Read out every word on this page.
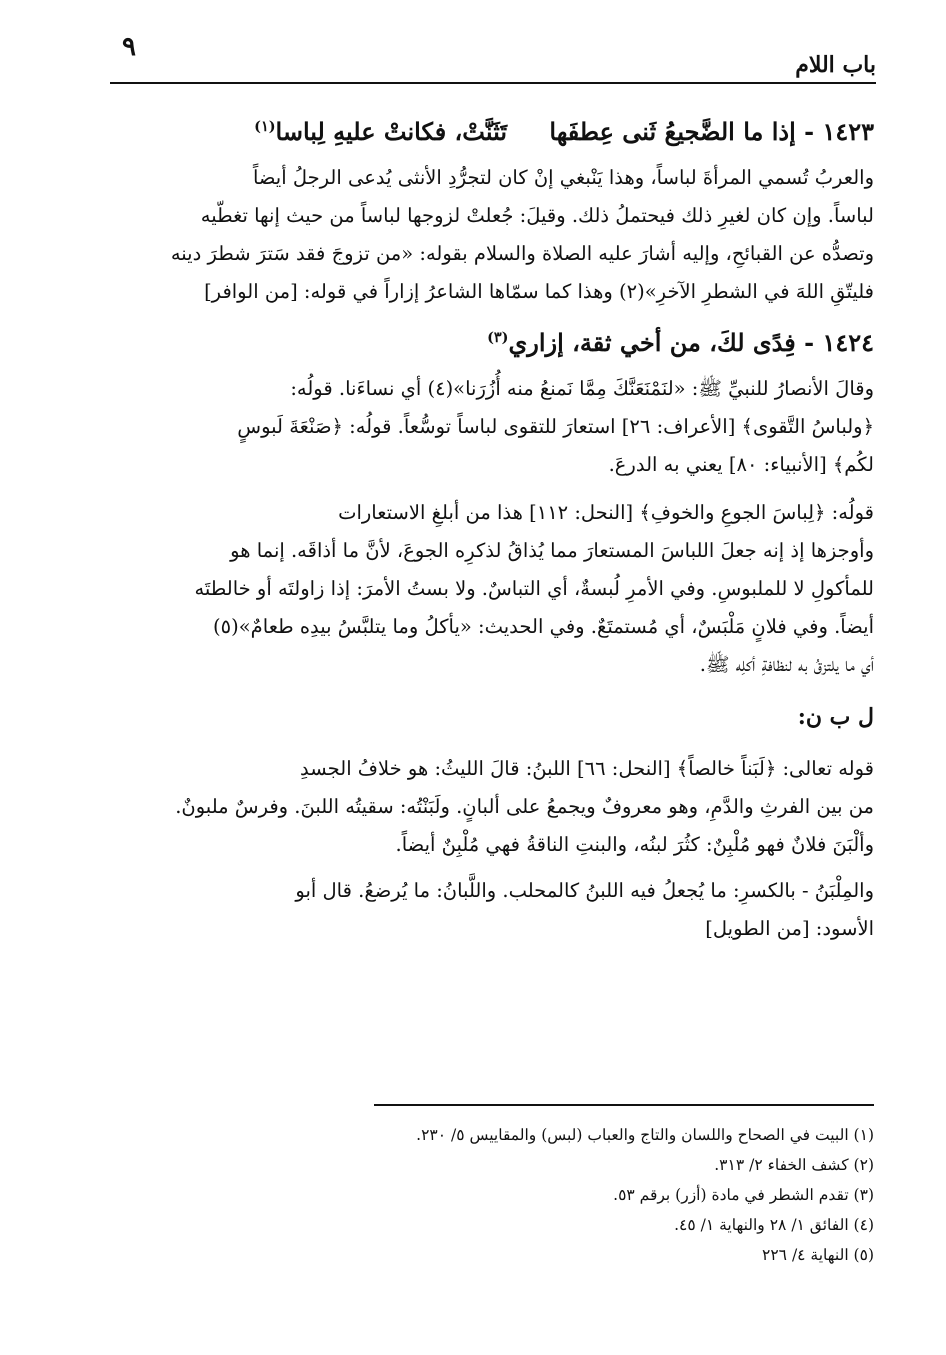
باب اللام
٩

١٤٢٣ - إذا ما الضَّجيعُ ثَنى عِطفَها تَثَنَّتْ، فكانتْ عليهِ لِباسا$^{(١)}$

والعربُ تُسمي المرأةَ لباساً، وهذا يَنْبغي إنْ كان لتجرُّدِ الأنثى يُدعى الرجلُ أيضاً

لباساً. وإن كان لغيرِ ذلك فيحتملُ ذلك. وقيلَ: جُعلتْ لزوجها لباساً من حيث إنها تغطّيه

وتصدُّه عن القبائحِ، وإليه أشارَ عليه الصلاة والسلام بقوله: «من تزوجَ فقد سَترَ شطرَ دينه

فليتّقِ اللهَ في الشطرِ الآخرِ»(٢) وهذا كما سمّاها الشاعرُ إزاراً في قوله: [من الوافر]

١٤٢٤ - فِدًى لكَ، من أخي ثقة، إزاري$^{(٣)}$

وقالَ الأنصارُ للنبيِّ ﷺ: «لنَمْنَعَنَّكَ مِمَّا نَمنعُ منه أُزُرَنا»(٤) أي نساءَنا. قولُه:

﴿ولباسُ التَّقوى﴾ [الأعراف: ٢٦] استعارَ للتقوى لباساً توسُّعاً. قولُه: ﴿صَنْعَةَ لَبوسٍ

لكُم﴾ [الأنبياء: ٨٠] يعني به الدرعَ.

قولُه: ﴿لِباسَ الجوعِ والخوفِ﴾ [النحل: ١١٢] هذا من أبلغِ الاستعارات

وأوجزها إذ إنه جعلَ اللباسَ المستعارَ مما يُذاقُ لذكرِه الجوعَ، لأنَّ ما أذاقَه. إنما هو

للمأكولِ لا للملبوسِ. وفي الأمرِ لُبسةٌ، أي التباسٌ. ولا بستُ الأمرَ: إذا زاولتَه أو خالطتَه

أيضاً. وفي فلانٍ مَلْبَسٌ، أي مُستمتَعٌ. وفي الحديث: «يأكلُ وما يتلبَّسُ بيدِه طعامٌ»(٥)

أي ما يلتزقُ به لنظافةِ أكلِه ﷺ.

ل ب ن:

قوله تعالى: ﴿لَبَناً خالصاً﴾ [النحل: ٦٦] اللبنُ: قالَ الليثُ: هو خلافُ الجسدِ

من بين الفرثِ والدَّمِ، وهو معروفٌ ويجمعُ على ألبانٍ. ولَبَنْتُه: سقيتُه اللبنَ. وفرسٌ ملبونٌ.

وألْبَنَ فلانٌ فهو مُلْبِنٌ: كثُرَ لبنُه، والبنتِ الناقةُ فهي مُلْبِنٌ أيضاً.

والمِلْبَنُ - بالكسرِ: ما يُجعلُ فيه اللبنُ كالمحلب. واللَّبانُ: ما يُرضعُ. قال أبو

الأسود: [من الطويل]

(١) البيت في الصحاح واللسان والتاج والعباب (لبس) والمقاييس ٥/ ٢٣٠.
(٢) كشف الخفاء ٢/ ٣١٣.
(٣) تقدم الشطر في مادة (أزر) برقم ٥٣.
(٤) الفائق ١/ ٢٨ والنهاية ١/ ٤٥.
(٥) النهاية ٤/ ٢٢٦
